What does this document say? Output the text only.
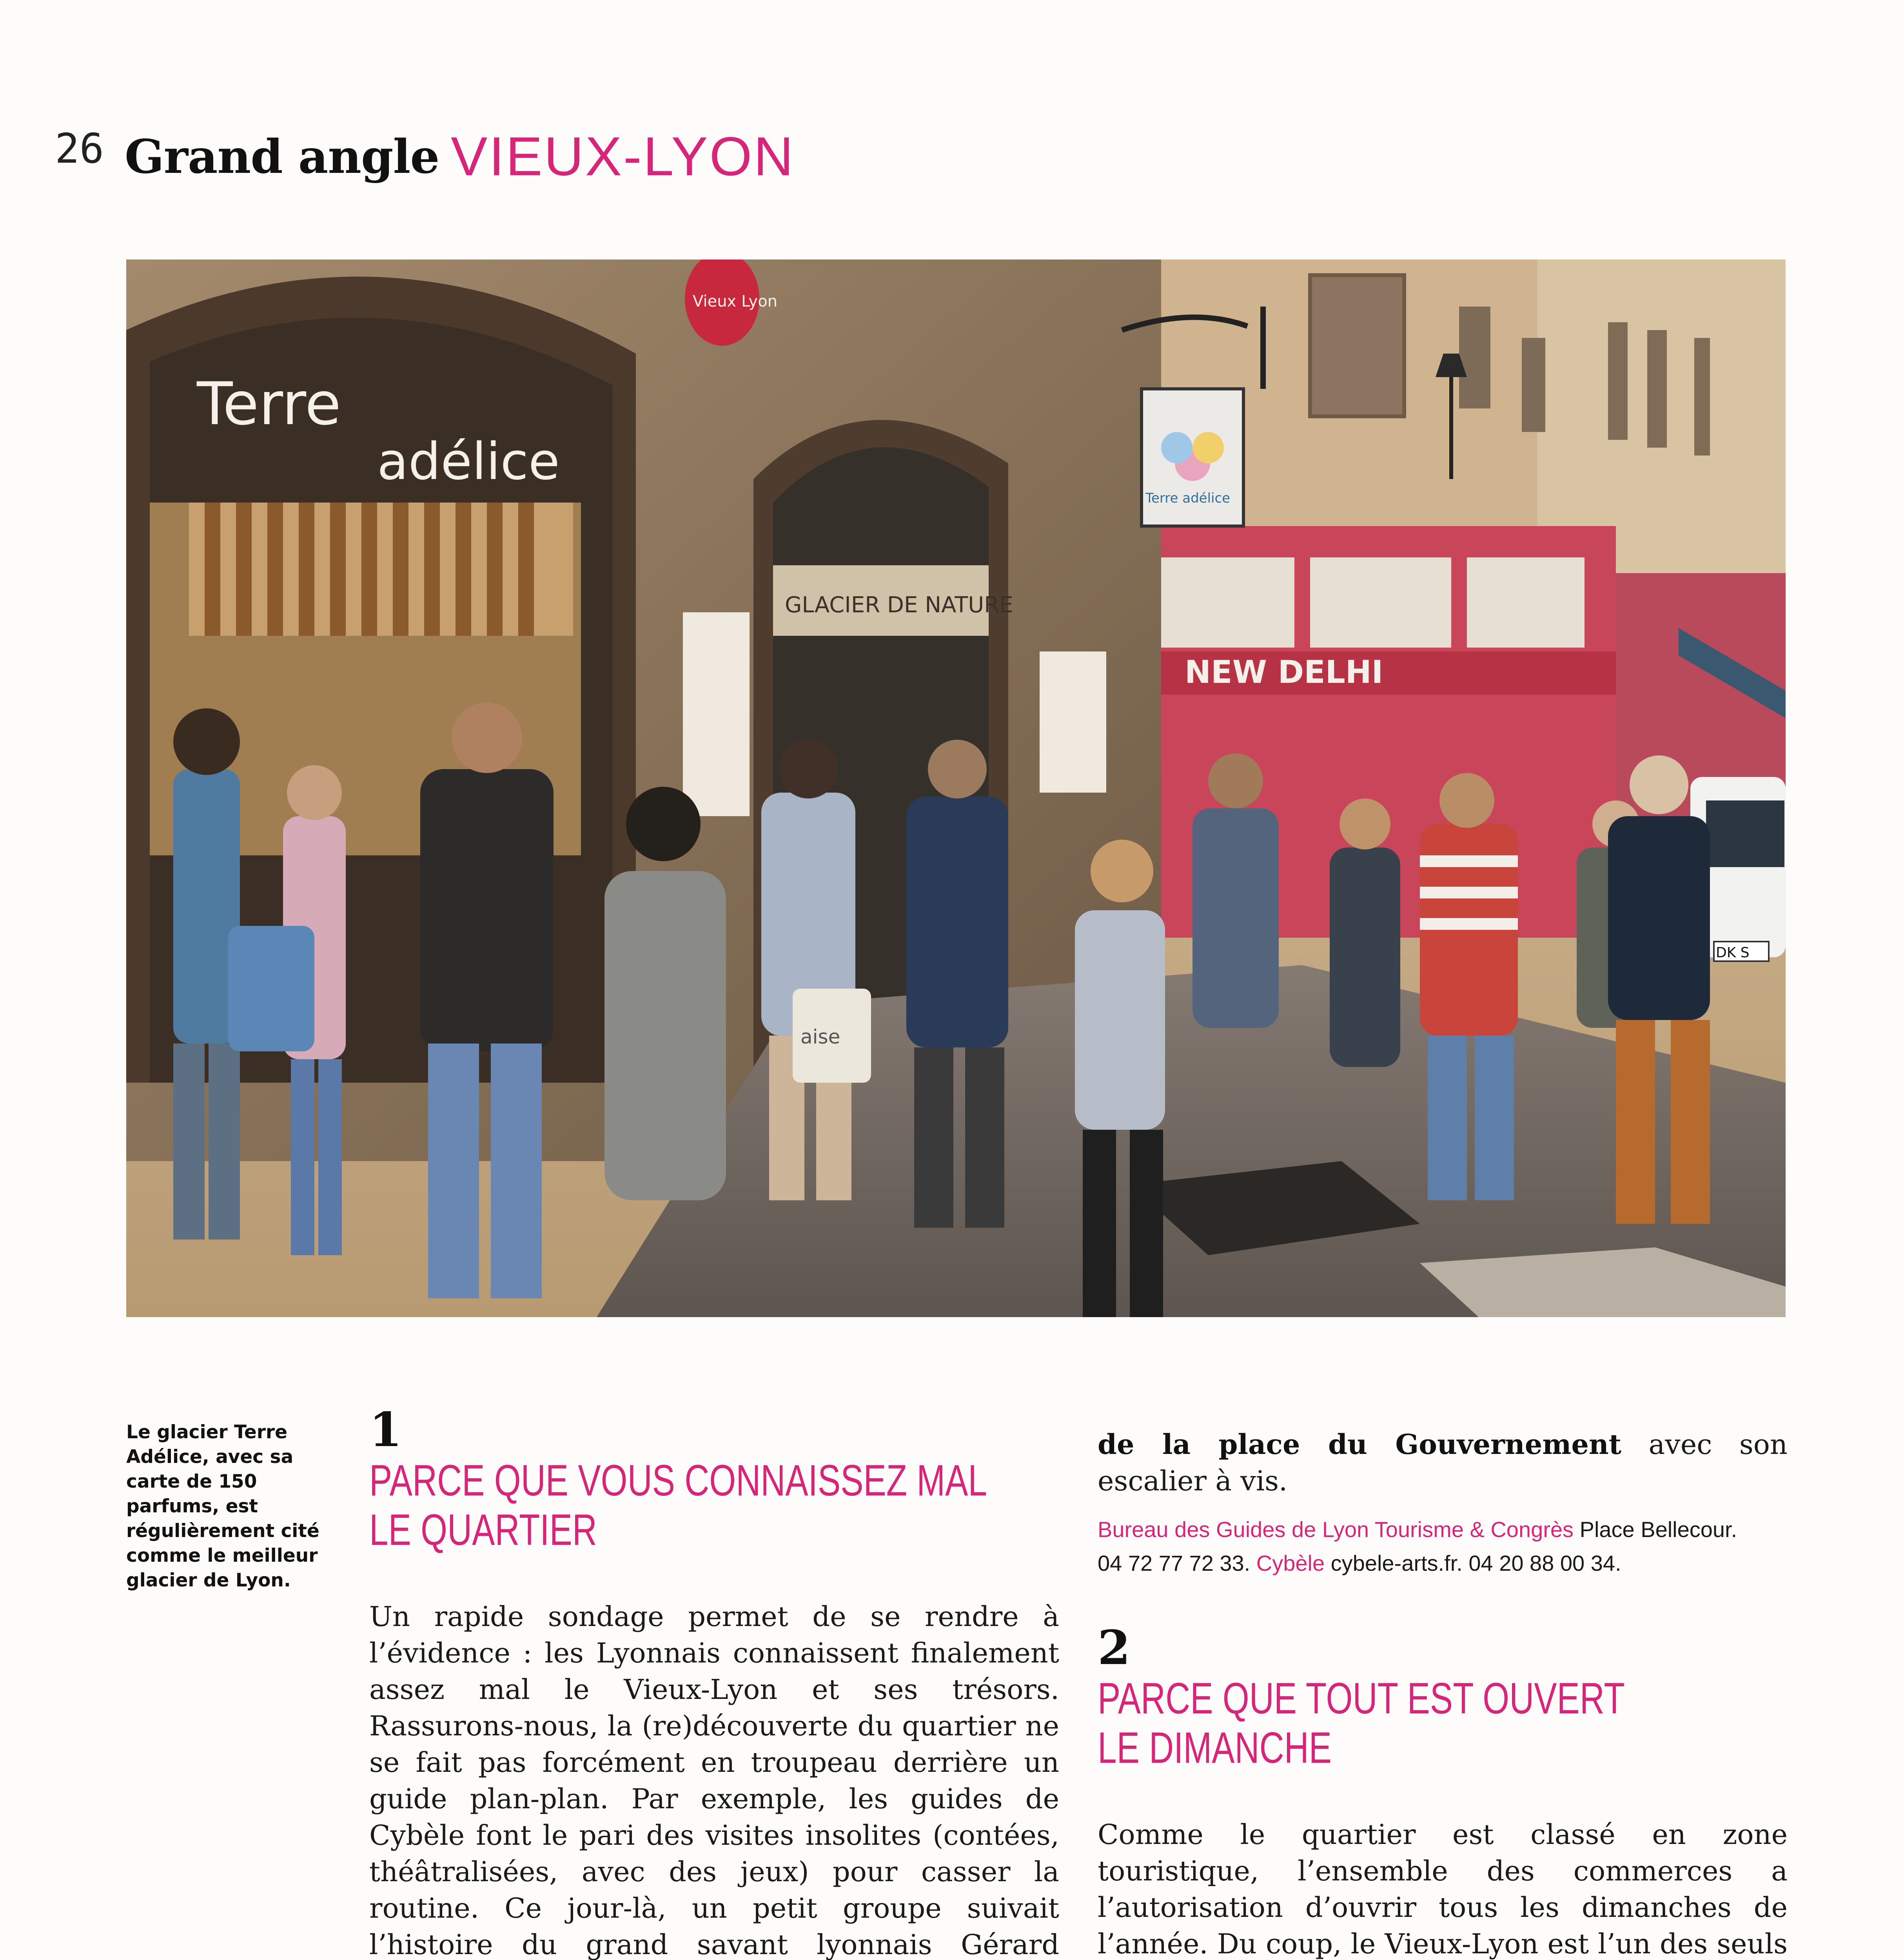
26 Grand angle VIEUX-LYON
NEW DELHI
Terre
adélice
GLACIER DE NATURE
Vieux Lyon
Terre adélice
DK S
aise
Le glacier Terre Adélice, avec sa carte de 150 parfums, est régulièrement cité comme le meilleur glacier de Lyon.
1PARCE QUE VOUS CONNAISSEZ MAL
LE QUARTIER

Un rapide sondage permet de se rendre à l’évidence : les Lyonnais connaissent finalement assez mal le Vieux-Lyon et ses trésors. Rassurons-nous, la (re)découverte du quartier ne se fait pas forcément en troupeau derrière un guide plan-plan. Par exemple, les guides de Cybèle font le pari des visites insolites (contées, théâtralisées, avec des jeux) pour casser la routine. Ce jour-là, un petit groupe suivait l’histoire du grand savant lyonnais Gérard

de la place du Gouvernement avec son escalier à vis.

Bureau des Guides de Lyon Tourisme & Congrès Place Bellecour.
04 72 77 72 33. Cybèle cybele-arts.fr. 04 20 88 00 34.
2PARCE QUE TOUT EST OUVERT
LE DIMANCHE

Comme le quartier est classé en zone touristique, l’ensemble des commerces a l’autorisation d’ouvrir tous les dimanches de l’année. Du coup, le Vieux-Lyon est l’un des seuls
